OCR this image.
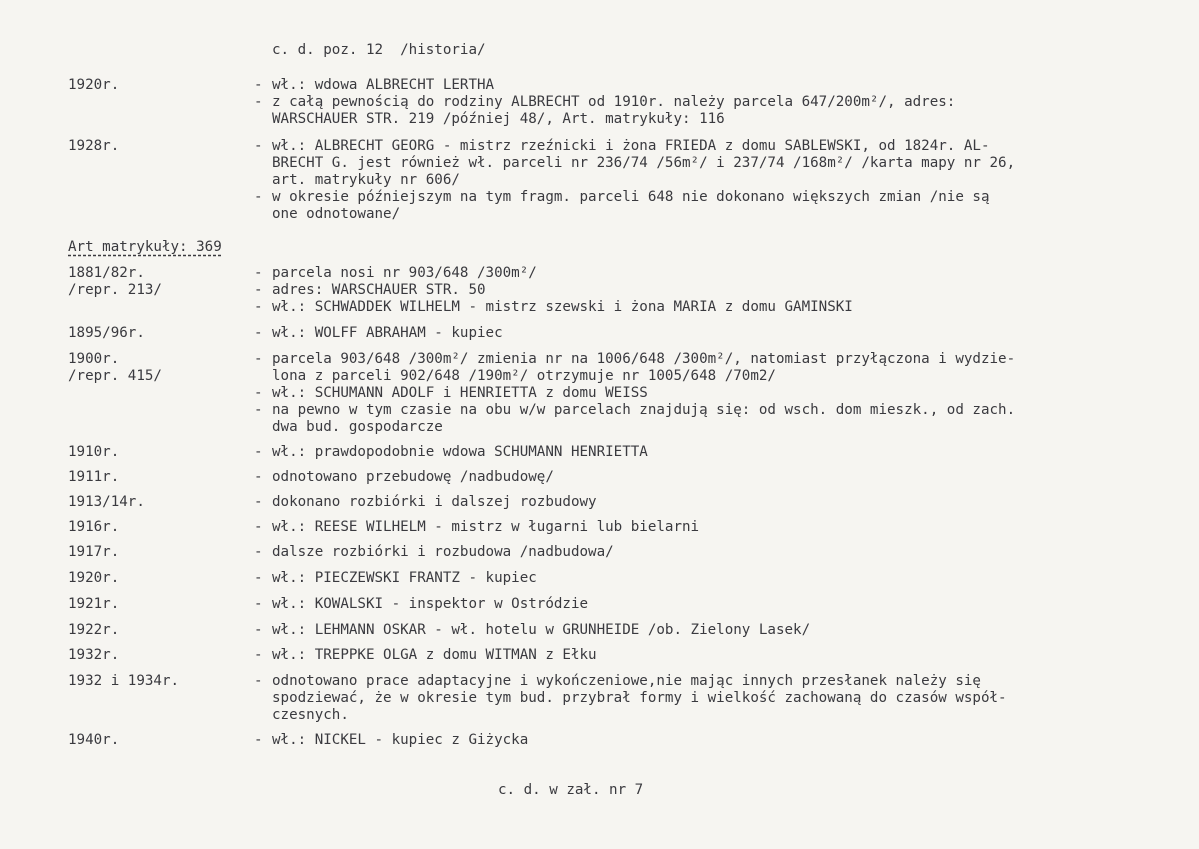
c. d. poz. 12  /historia/
Art matrykuły: 369
1920r.	- wł.: wdowa ALBRECHT LERTHA
- z całą pewnością do rodziny ALBRECHT od 1910r. należy parcela 647/200m²/, adres:
WARSCHAUER STR. 219 /później 48/, Art. matrykuły: 116
1928r.	- wł.: ALBRECHT GEORG - mistrz rzeźnicki i żona FRIEDA z domu SABLEWSKI, od 1824r. AL-
BRECHT G. jest również wł. parceli nr 236/74 /56m²/ i 237/74 /168m²/ /karta mapy nr 26,
art. matrykuły nr 606/
- w okresie późniejszym na tym fragm. parceli 648 nie dokonano większych zmian /nie są
one odnotowane/
1881/82r.	- parcela nosi nr 903/648 /300m²/
/repr. 213/	- adres: WARSCHAUER STR. 50
- wł.: SCHWADDEK WILHELM - mistrz szewski i żona MARIA z domu GAMINSKI
1895/96r.	- wł.: WOLFF ABRAHAM - kupiec
1900r.	- parcela 903/648 /300m²/ zmienia nr na 1006/648 /300m²/, natomiast przyłączona i wydzie-
/repr. 415/	lona z parceli 902/648 /190m²/ otrzymuje nr 1005/648 /70m2/
- wł.: SCHUMANN ADOLF i HENRIETTA z domu WEISS
- na pewno w tym czasie na obu w/w parcelach znajdują się: od wsch. dom mieszk., od zach.
dwa bud. gospodarcze
1910r.	- wł.: prawdopodobnie wdowa SCHUMANN HENRIETTA
1911r.	- odnotowano przebudowę /nadbudowę/
1913/14r.	- dokonano rozbiórki i dalszej rozbudowy
1916r.	- wł.: REESE WILHELM - mistrz w ługarni lub bielarni
1917r.	- dalsze rozbiórki i rozbudowa /nadbudowa/
1920r.	- wł.: PIECZEWSKI FRANTZ - kupiec
1921r.	- wł.: KOWALSKI - inspektor w Ostródzie
1922r.	- wł.: LEHMANN OSKAR - wł. hotelu w GRUNHEIDE /ob. Zielony Lasek/
1932r.	- wł.: TREPPKE OLGA z domu WITMAN z Ełku
1932 i 1934r.	- odnotowano prace adaptacyjne i wykończeniowe,nie mając innych przesłanek należy się
spodziewać, że w okresie tym bud. przybrał formy i wielkość zachowaną do czasów współ-
czesnych.
1940r.	- wł.: NICKEL - kupiec z Giżycka
c. d. w zał. nr 7
